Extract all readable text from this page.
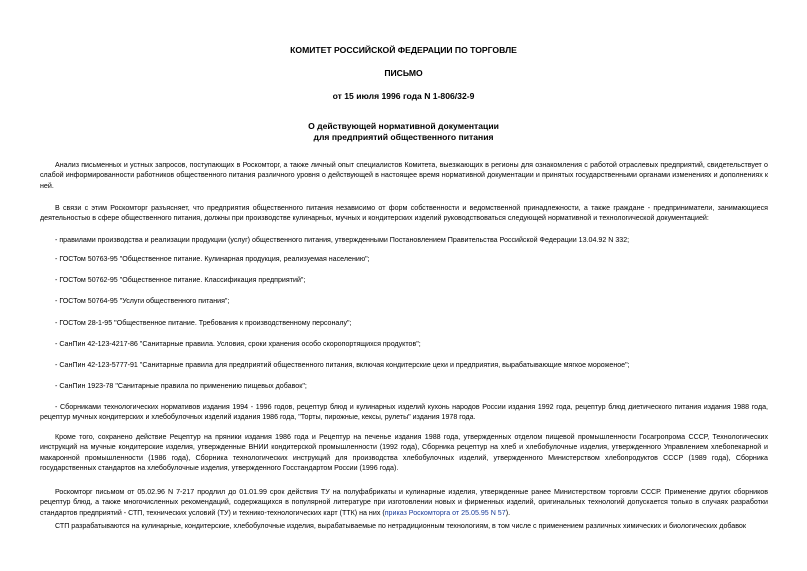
КОМИТЕТ РОССИЙСКОЙ ФЕДЕРАЦИИ ПО ТОРГОВЛЕ
ПИСЬМО
от 15 июля 1996 года N 1-806/32-9
О действующей нормативной документации
для предприятий общественного питания

Анализ письменных и устных запросов, поступающих в Роскомторг, а также личный опыт специалистов Комитета, выезжающих в регионы для ознакомления с работой отраслевых предприятий, свидетельствует о слабой информированности работников общественного питания различного уровня о действующей в настоящее время нормативной документации и принятых государственными органами изменениях и дополнениях к ней.

В связи с этим Роскомторг разъясняет, что предприятия общественного питания независимо от форм собственности и ведомственной принадлежности, а также граждане - предприниматели, занимающиеся деятельностью в сфере общественного питания, должны при производстве кулинарных, мучных и кондитерских изделий руководствоваться следующей нормативной и технологической документацией:

- правилами производства и реализации продукции (услуг) общественного питания, утвержденными Постановлением Правительства Российской Федерации 13.04.92 N 332;

- ГОСТом 50763-95 "Общественное питание. Кулинарная продукция, реализуемая населению";

- ГОСТом 50762-95 "Общественное питание. Классификация предприятий";

- ГОСТом 50764-95 "Услуги общественного питания";

- ГОСТом 28-1-95 "Общественное питание. Требования к производственному персоналу";

- СанПин 42-123-4217-86 "Санитарные правила. Условия, сроки хранения особо скоропортящихся продуктов";

- СанПин 42-123-5777-91 "Санитарные правила для предприятий общественного питания, включая кондитерские цехи и предприятия, вырабатывающие мягкое мороженое";

- СанПин 1923-78 "Санитарные правила по применению пищевых добавок";

- Сборниками технологических нормативов издания 1994 - 1996 годов, рецептур блюд и кулинарных изделий кухонь народов России издания 1992 года, рецептур блюд диетического питания издания 1988 года, рецептур мучных кондитерских и хлебобулочных изделий издания 1986 года, "Торты, пирожные, кексы, рулеты" издания 1978 года.

Кроме того, сохранено действие Рецептур на пряники издания 1986 года и Рецептур на печенье издания 1988 года, утвержденных отделом пищевой промышленности Госагропрома СССР, Технологических инструкций на мучные кондитерские изделия, утвержденные ВНИИ кондитерской промышленности (1992 года), Сборника рецептур на хлеб и хлебобулочные изделия, утвержденного Управлением хлебопекарной и макаронной промышленности (1986 года), Сборника технологических инструкций для производства хлебобулочных изделий, утвержденного Министерством хлебопродуктов СССР (1989 года), Сборника государственных стандартов на хлебобулочные изделия, утвержденного Госстандартом России (1996 года).

Роскомторг письмом от 05.02.96 N 7-217 продлил до 01.01.99 срок действия ТУ на полуфабрикаты и кулинарные изделия, утвержденные ранее Министерством торговли СССР. Применение других сборников рецептур блюд, а также многочисленных рекомендаций, содержащихся в популярной литературе при изготовлении новых и фирменных изделий, оригинальных технологий допускается только в случаях разработки стандартов предприятий - СТП, технических условий (ТУ) и технико-технологических карт (ТТК) на них (приказ Роскомторга от 25.05.95 N 57).

СТП разрабатываются на кулинарные, кондитерские, хлебобулочные изделия, вырабатываемые по нетрадиционным технологиям, в том числе с применением различных химических и биологических добавок
